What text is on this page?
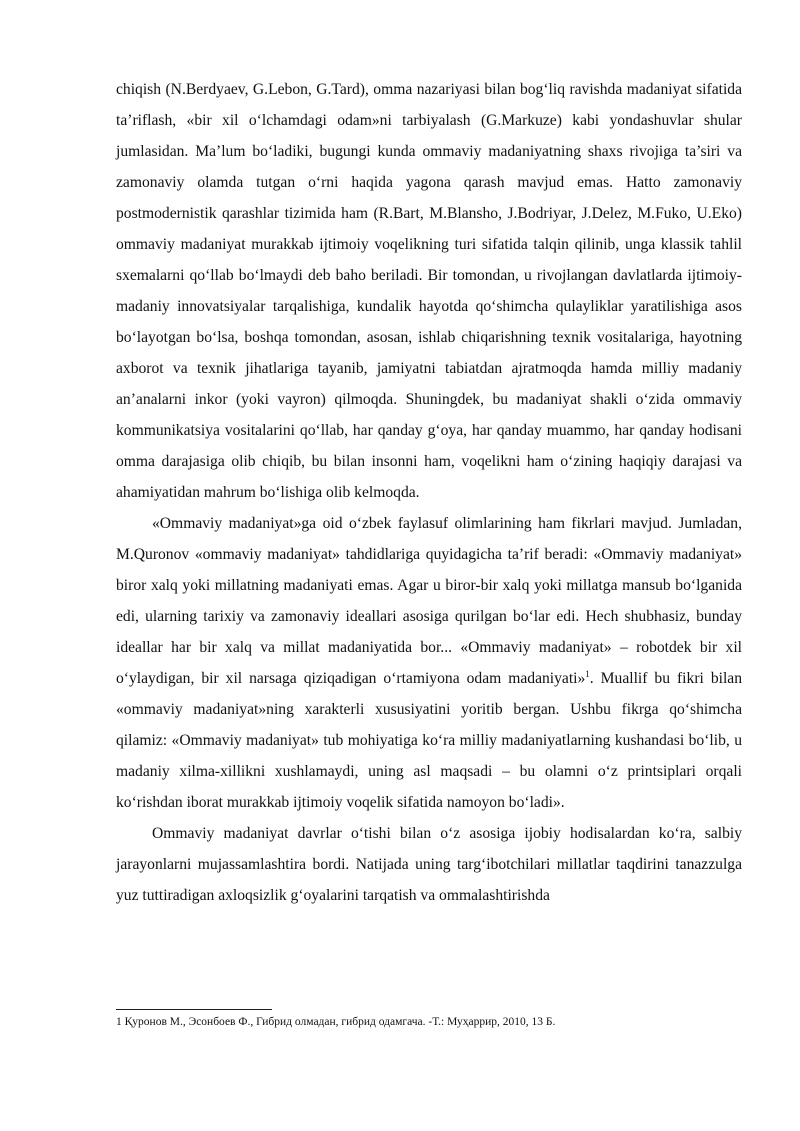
chiqish (N.Berdyaev, G.Lebon, G.Tard), omma nazariyasi bilan bog‘liq ravishda madaniyat sifatida ta’riflash, «bir xil o‘lchamdagi odam»ni tarbiyalash (G.Markuze) kabi yondashuvlar shular jumlasidan. Ma’lum bo‘ladiki, bugungi kunda ommaviy madaniyatning shaxs rivojiga ta’siri va zamonaviy olamda tutgan o‘rni haqida yagona qarash mavjud emas. Hatto zamonaviy postmodernistik qarashlar tizimida ham (R.Bart, M.Blansho, J.Bodriyar, J.Delez, M.Fuko, U.Eko) ommaviy madaniyat murakkab ijtimoiy voqelikning turi sifatida talqin qilinib, unga klassik tahlil sxemalarni qo‘llab bo‘lmaydi deb baho beriladi. Bir tomondan, u rivojlangan davlatlarda ijtimoiy-madaniy innovatsiyalar tarqalishiga, kundalik hayotda qo‘shimcha qulayliklar yaratilishiga asos bo‘layotgan bo‘lsa, boshqa tomondan, asosan, ishlab chiqarishning texnik vositalariga, hayotning axborot va texnik jihatlariga tayanib, jamiyatni tabiatdan ajratmoqda hamda milliy madaniy an’analarni inkor (yoki vayron) qilmoqda. Shuningdek, bu madaniyat shakli o‘zida ommaviy kommunikatsiya vositalarini qo‘llab, har qanday g‘oya, har qanday muammo, har qanday hodisani omma darajasiga olib chiqib, bu bilan insonni ham, voqelikni ham o‘zining haqiqiy darajasi va ahamiyatidan mahrum bo‘lishiga olib kelmoqda.

«Ommaviy madaniyat»ga oid o‘zbek faylasuf olimlarining ham fikrlari mavjud. Jumladan, M.Quronov «ommaviy madaniyat» tahdidlariga quyidagicha ta’rif beradi: «Ommaviy madaniyat» biror xalq yoki millatning madaniyati emas. Agar u biror-bir xalq yoki millatga mansub bo‘lganida edi, ularning tarixiy va zamonaviy ideallari asosiga qurilgan bo‘lar edi. Hech shubhasiz, bunday ideallar har bir xalq va millat madaniyatida bor... «Ommaviy madaniyat» – robotdek bir xil o‘ylaydigan, bir xil narsaga qiziqadigan o‘rtamiyona odam madaniyati»$^1$. Muallif bu fikri bilan «ommaviy madaniyat»ning xarakterli xususiyatini yoritib bergan. Ushbu fikrga qo‘shimcha qilamiz: «Ommaviy madaniyat» tub mohiyatiga ko‘ra milliy madaniyatlarning kushandasi bo‘lib, u madaniy xilma-xillikni xushlamaydi, uning asl maqsadi – bu olamni o‘z printsiplari orqali ko‘rishdan iborat murakkab ijtimoiy voqelik sifatida namoyon bo‘ladi».

Ommaviy madaniyat davrlar o‘tishi bilan o‘z asosiga ijobiy hodisalardan ko‘ra, salbiy jarayonlarni mujassamlashtira bordi. Natijada uning targ‘ibotchilari millatlar taqdirini tanazzulga yuz tuttiradigan axloqsizlik g‘oyalarini tarqatish va ommalashtirishda

1 Қуронов М., Эсонбоев Ф., Гибрид олмадан, гибрид одамгача. -Т.: Муҳаррир, 2010, 13 Б.
